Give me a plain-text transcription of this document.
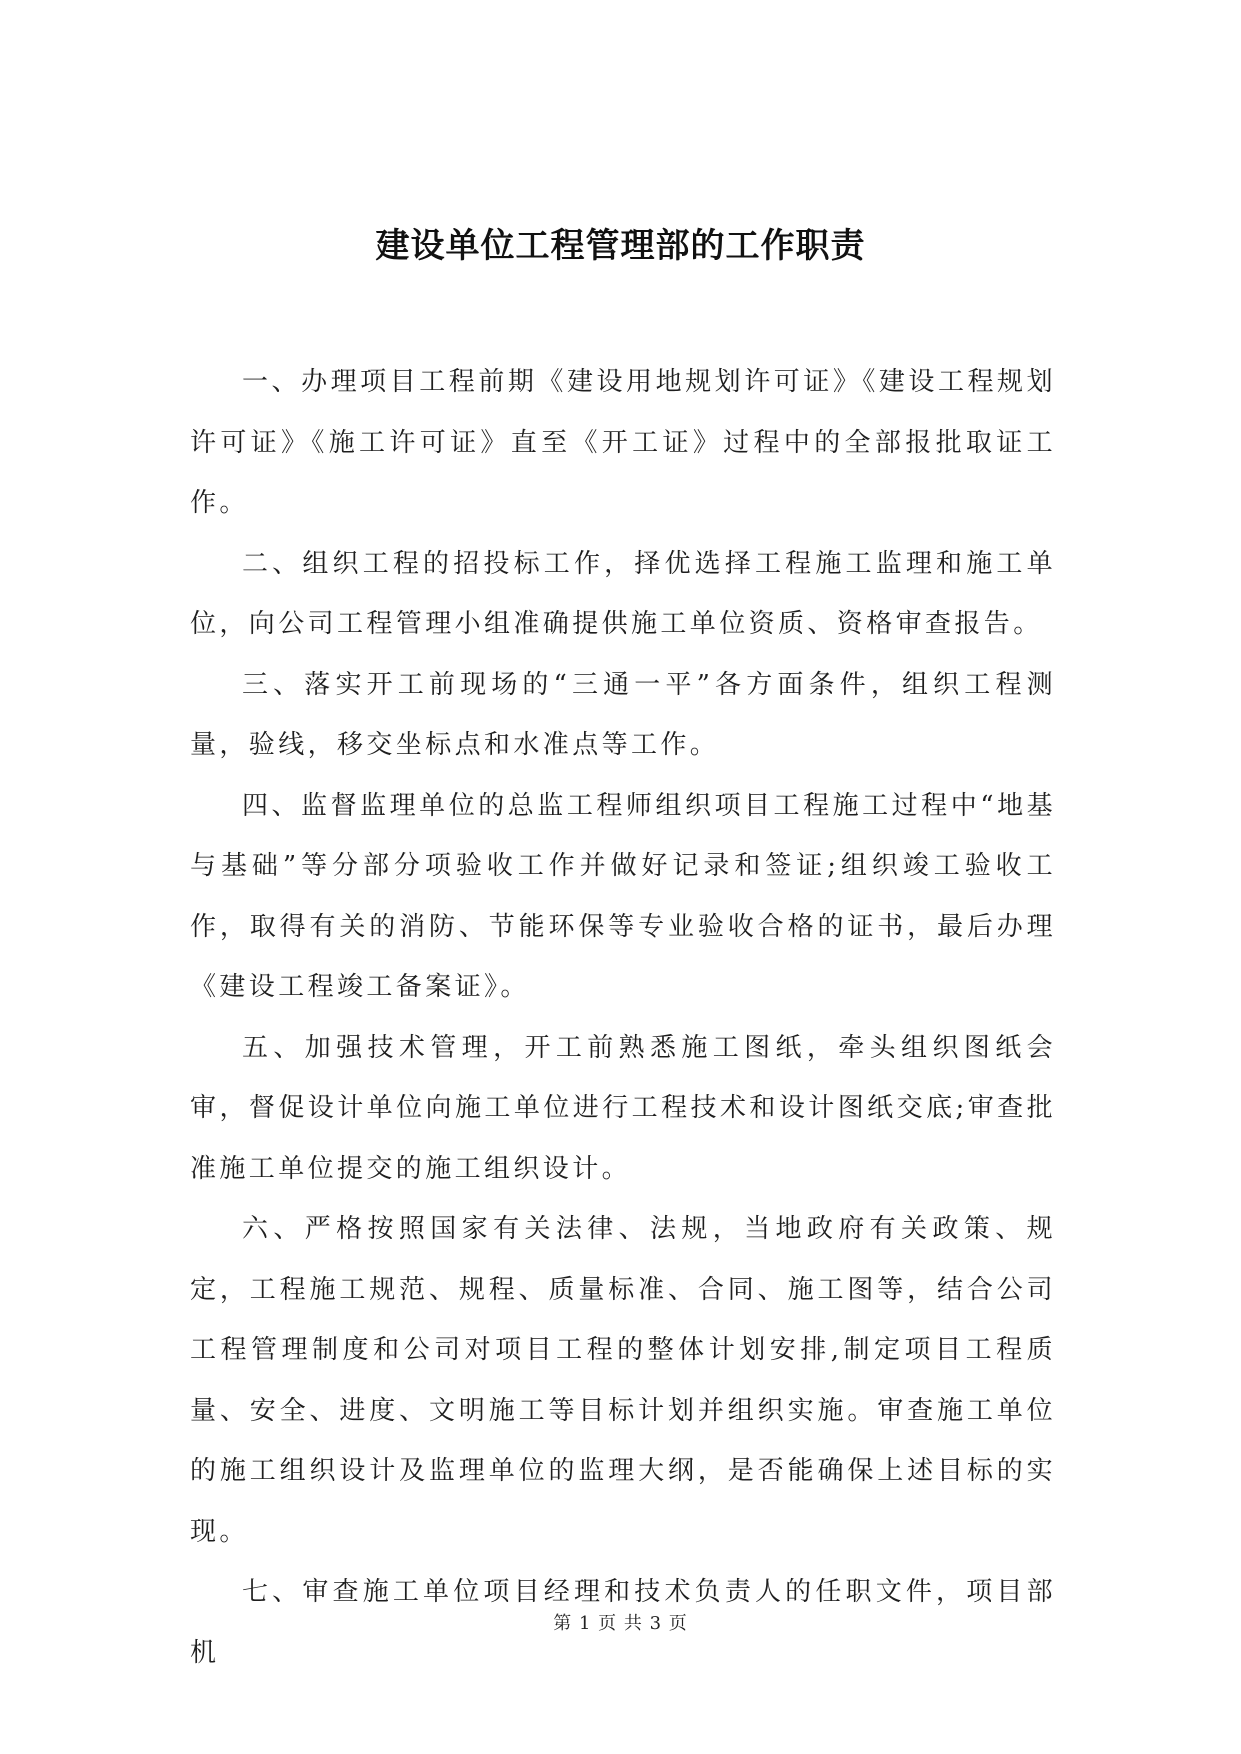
建设单位工程管理部的工作职责

一、办理项目工程前期《建设用地规划许可证》《建设工程规划许可证》《施工许可证》直至《开工证》过程中的全部报批取证工作。

二、组织工程的招投标工作，择优选择工程施工监理和施工单位，向公司工程管理小组准确提供施工单位资质、资格审查报告。

三、落实开工前现场的“三通一平”各方面条件，组织工程测量，验线，移交坐标点和水准点等工作。

四、监督监理单位的总监工程师组织项目工程施工过程中“地基与基础”等分部分项验收工作并做好记录和签证;组织竣工验收工作，取得有关的消防、节能环保等专业验收合格的证书，最后办理《建设工程竣工备案证》。

五、加强技术管理，开工前熟悉施工图纸，牵头组织图纸会审，督促设计单位向施工单位进行工程技术和设计图纸交底;审查批准施工单位提交的施工组织设计。

六、严格按照国家有关法律、法规，当地政府有关政策、规定，工程施工规范、规程、质量标准、合同、施工图等，结合公司工程管理制度和公司对项目工程的整体计划安排,制定项目工程质量、安全、进度、文明施工等目标计划并组织实施。审查施工单位的施工组织设计及监理单位的监理大纲，是否能确保上述目标的实现。

七、审查施工单位项目经理和技术负责人的任职文件，项目部机

第 1 页 共 3 页
